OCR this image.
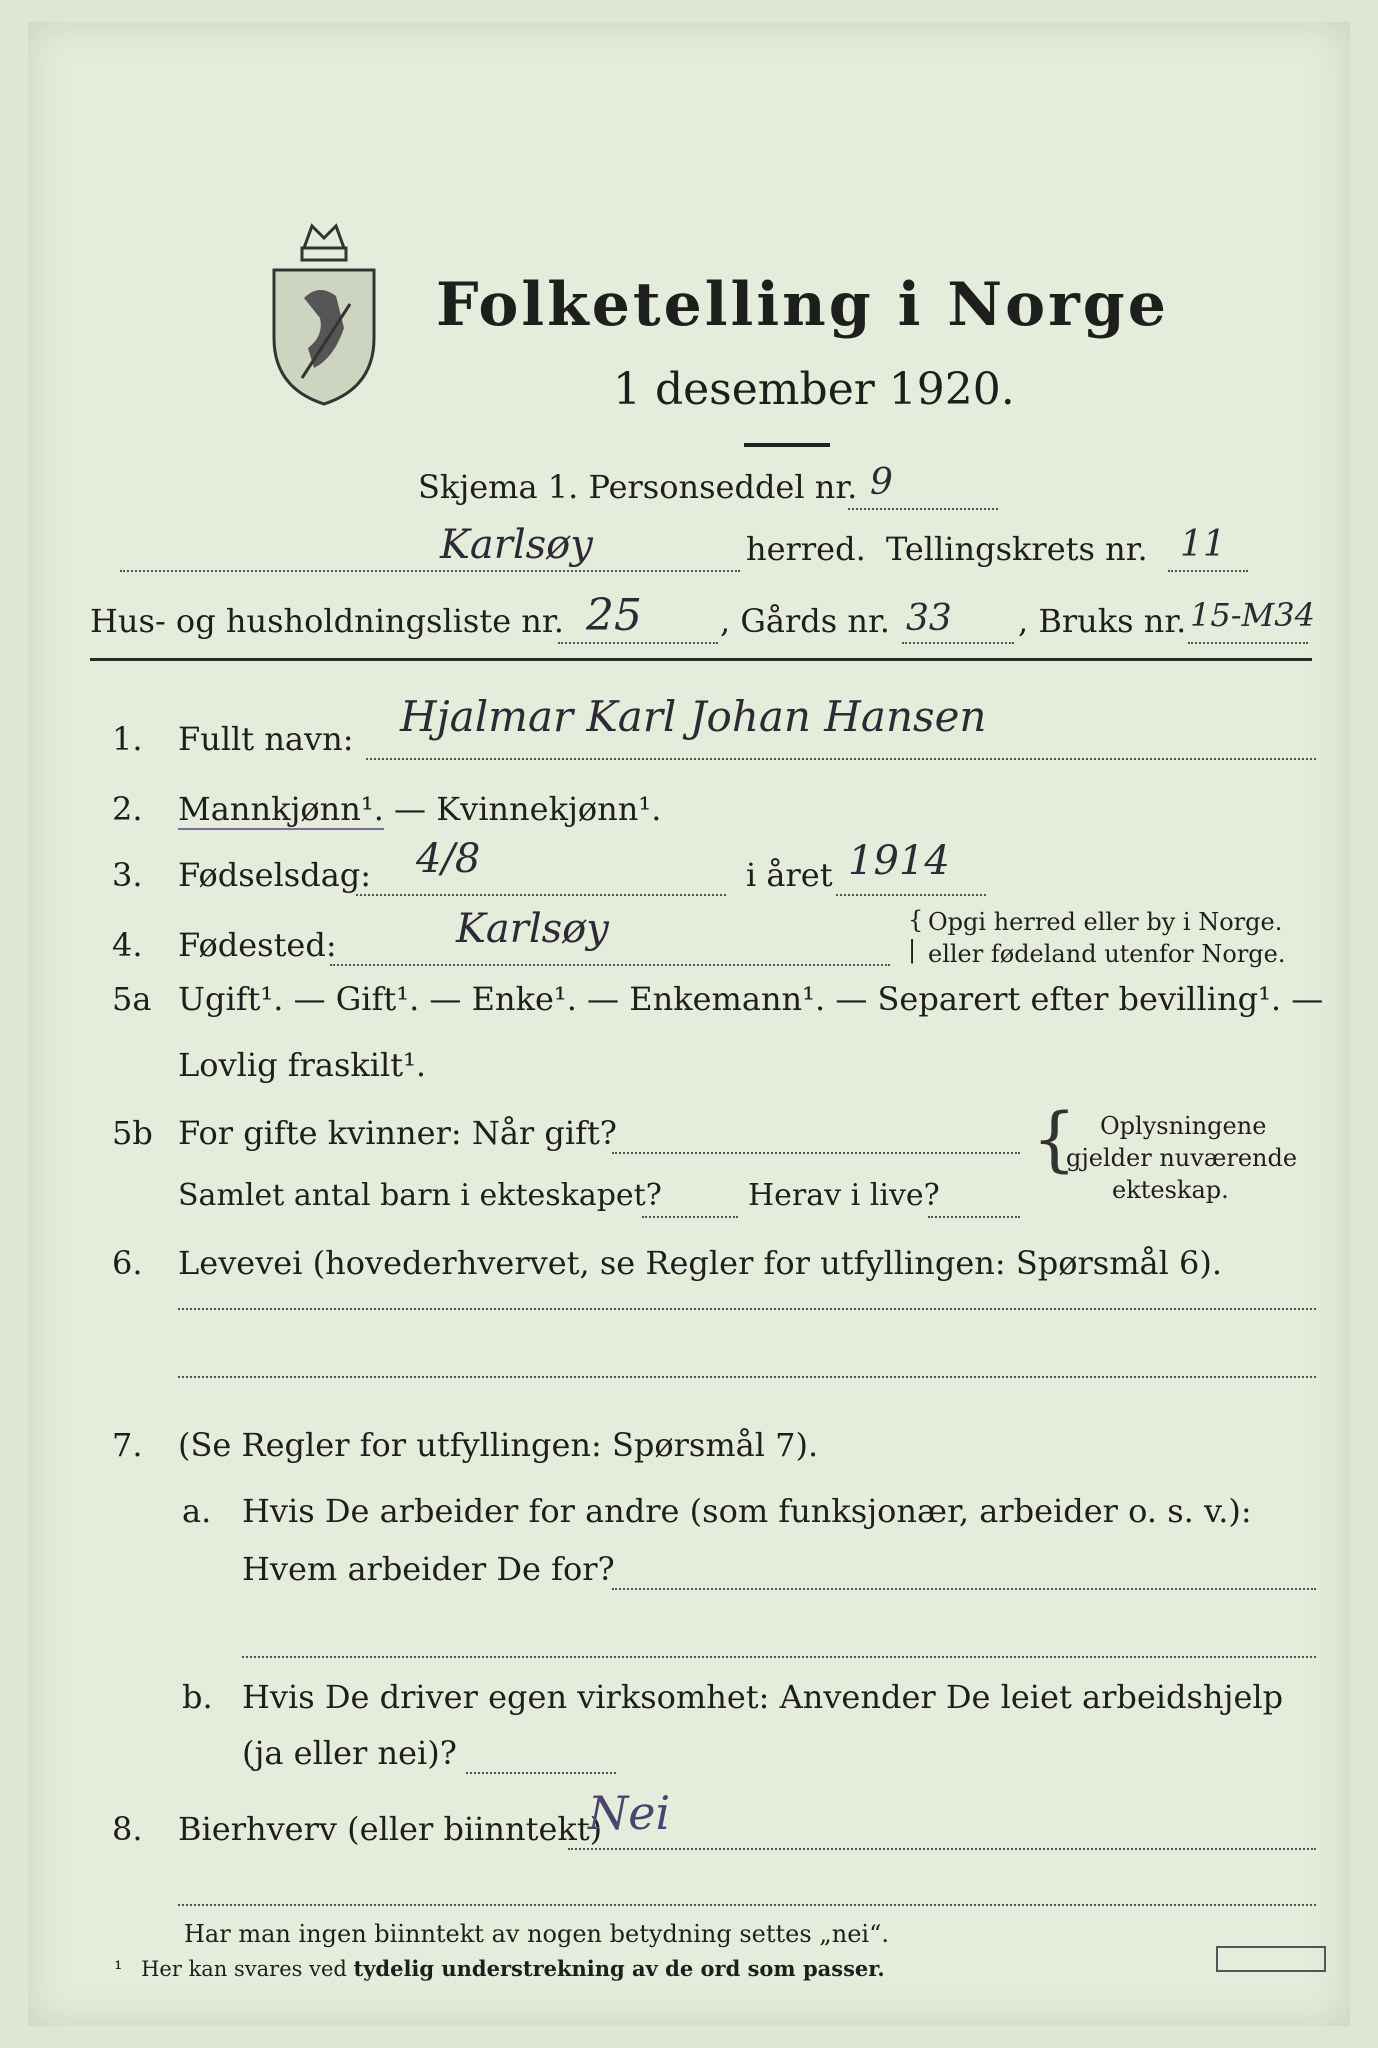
Folketelling i Norge
1 desember 1920.
Skjema 1. Personseddel nr. 9
Karlsøy	herred. Tellingskrets nr. 11
Hus- og husholdningsliste nr. 25 , Gårds nr. 33 , Bruks nr. 15-M34
1. Fullt navn: Hjalmar Karl Johan Hansen
2. Mannkjønn¹. — Kvinnekjønn¹.
3. Fødselsdag: 4/8	i året 1914
4. Fødested:	Karlsøy	{
|
Opgi herred eller by i Norge.
eller fødeland utenfor Norge.
5a Ugift¹. — Gift¹. — Enke¹. — Enkemann¹. — Separert efter bevilling¹. —
Lovlig fraskilt¹.
5b For gifte kvinner: Når gift?
Samlet antal barn i ekteskapet?	Herav i live?
{ Oplysningene
gjelder nuværende
ekteskap.
6. Levevei (hovederhvervet, se Regler for utfyllingen: Spørsmål 6).
7. (Se Regler for utfyllingen: Spørsmål 7).
a. Hvis De arbeider for andre (som funksjonær, arbeider o. s. v.):
Hvem arbeider De for?
b. Hvis De driver egen virksomhet: Anvender De leiet arbeidshjelp
(ja eller nei)?
8. Bierhverv (eller biinntekt)
Nei
Har man ingen biinntekt av nogen betydning settes „nei“.
¹ Her kan svares ved tydelig understrekning av de ord som passer.
